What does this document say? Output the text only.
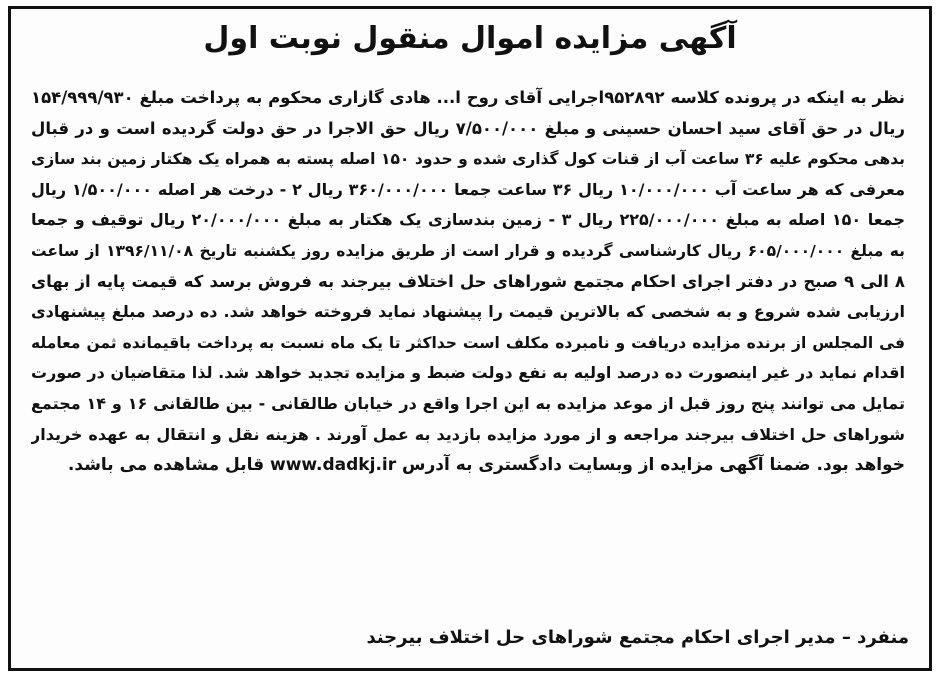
آگهی مزایده اموال منقول نوبت اول
نظر به اینکه در پرونده کلاسه ۹۵۲۸۹۲اجرایی آقای روح ا... هادی گازاری محکوم به پرداخت مبلغ ۱۵۴/۹۹۹/۹۳۰
ریال در حق آقای سید احسان حسینی و مبلغ ۷/۵۰۰/۰۰۰ ریال حق الاجرا در حق دولت گردیده است و در قبال
بدهی محکوم علیه ۳۶ ساعت آب از قنات کول گذاری شده و حدود ۱۵۰ اصله پسته به همراه یک هکتار زمین بند سازی
معرفی که هر ساعت آب ۱۰/۰۰۰/۰۰۰ ریال ۳۶ ساعت جمعا ۳۶۰/۰۰۰/۰۰۰ ریال ۲ - درخت هر اصله ۱/۵۰۰/۰۰۰ ریال
جمعا ۱۵۰ اصله به مبلغ ۲۲۵/۰۰۰/۰۰۰ ریال ۳ - زمین بندسازی یک هکتار به مبلغ ۲۰/۰۰۰/۰۰۰ ریال توقیف و جمعا
به مبلغ ۶۰۵/۰۰۰/۰۰۰ ریال کارشناسی گردیده و قرار است از طریق مزایده روز یکشنبه تاریخ ۱۳۹۶/۱۱/۰۸ از ساعت
۸ الی ۹ صبح در دفتر اجرای احکام مجتمع شوراهای حل اختلاف بیرجند به فروش برسد که قیمت پایه از بهای
ارزیابی شده شروع و به شخصی که بالاترین قیمت را پیشنهاد نماید فروخته خواهد شد. ده درصد مبلغ پیشنهادی
فی المجلس از برنده مزایده دریافت و نامبرده مکلف است حداکثر تا یک ماه نسبت به پرداخت باقیمانده ثمن معامله
اقدام نماید در غیر اینصورت ده درصد اولیه به نفع دولت ضبط و مزایده تجدید خواهد شد. لذا متقاضیان در صورت
تمایل می توانند پنج روز قبل از موعد مزایده به این اجرا واقع در خیابان طالقانی - بین طالقانی ۱۶ و ۱۴ مجتمع
شوراهای حل اختلاف بیرجند مراجعه و از مورد مزایده بازدید به عمل آورند . هزینه نقل و انتقال به عهده خریدار
خواهد بود. ضمنا آگهی مزایده از وبسایت دادگستری به آدرس www.dadkj.ir قابل مشاهده می باشد.
منفرد – مدیر اجرای احکام مجتمع شوراهای حل اختلاف بیرجند
